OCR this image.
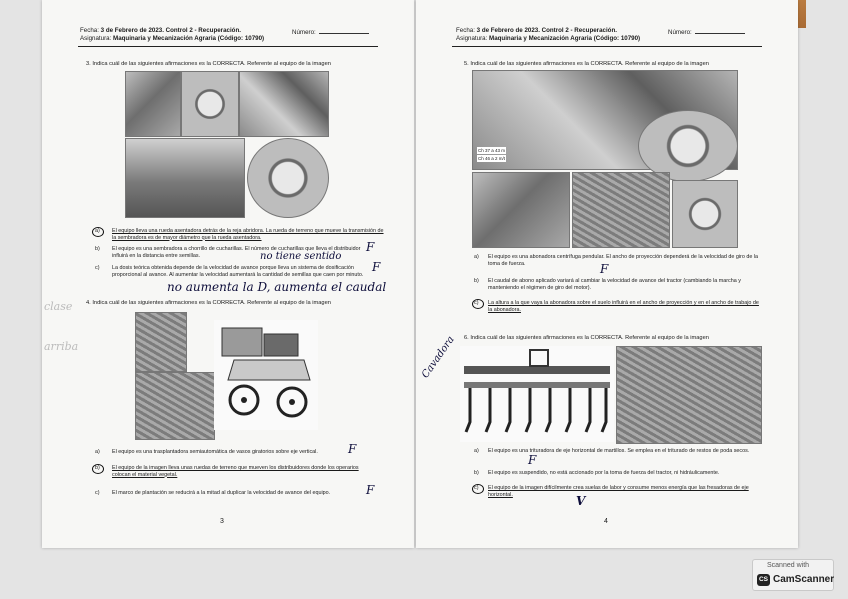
Fecha: 3 de Febrero de 2023. Control 2 - Recuperación.
Asignatura: Maquinaria y Mecanización Agraria (Código: 10790)
Número:
3. Indica cuál de las siguientes afirmaciones es la CORRECTA. Referente al equipo de la imagen
a) El equipo lleva una rueda asentadora detrás de la reja abridora. La rueda de terreno que mueve la transmisión de la sembradora es de mayor diámetro que la rueda asentadora.
b) El equipo es una sembradora a chorrillo de cucharillas. El número de cucharillas que lleva el distribuidor influirá en la distancia entre semillas.	no tiene sentido
F
c) La dosis teórica obtenida depende de la velocidad de avance porque lleva un sistema de dosificación proporcional al avance. Al aumentar la velocidad aumentará la cantidad de semillas que caen por minuto.
F
no aumenta la D, aumenta el caudal
clase
arriba
4. Indica cuál de las siguientes afirmaciones es la CORRECTA. Referente al equipo de la imagen
a) El equipo es una trasplantadora semiautomática de vasos giratorios sobre eje vertical.	F
b) El equipo de la imagen lleva unas ruedas de terreno que mueven los distribuidores donde los operarios colocan el material vegetal.
c) El marco de plantación se reducirá a la mitad al duplicar la velocidad de avance del equipo.	F
3
Fecha: 3 de Febrero de 2023. Control 2 - Recuperación.
Asignatura: Maquinaria y Mecanización Agraria (Código: 10790)
Número:
5. Indica cuál de las siguientes afirmaciones es la CORRECTA. Referente al equipo de la imagen
Ch 37 a 43 m
Ch 46 a 2 m/t
a) El equipo es una abonadora centrífuga pendular. El ancho de proyección dependerá de la velocidad de giro de la toma de fuerza.	F
b) El caudal de abono aplicado variará al cambiar la velocidad de avance del tractor (cambiando la marcha y manteniendo el régimen de giro del motor).
c) La altura a la que vaya la abonadora sobre el suelo influirá en el ancho de proyección y en el ancho de trabajo de la abonadora.
6. Indica cuál de las siguientes afirmaciones es la CORRECTA. Referente al equipo de la imagen
Cavadora
a) El equipo es una trituradora de eje horizontal de martillos. Se emplea en el triturado de restos de poda secos.
F
b) El equipo es suspendido, no está accionado por la toma de fuerza del tractor, ni hidráulicamente.
c) El equipo de la imagen difícilmente crea suelas de labor y consume menos energía que las fresadoras de eje horizontal.	V
4
Scanned with
CS CamScanner
